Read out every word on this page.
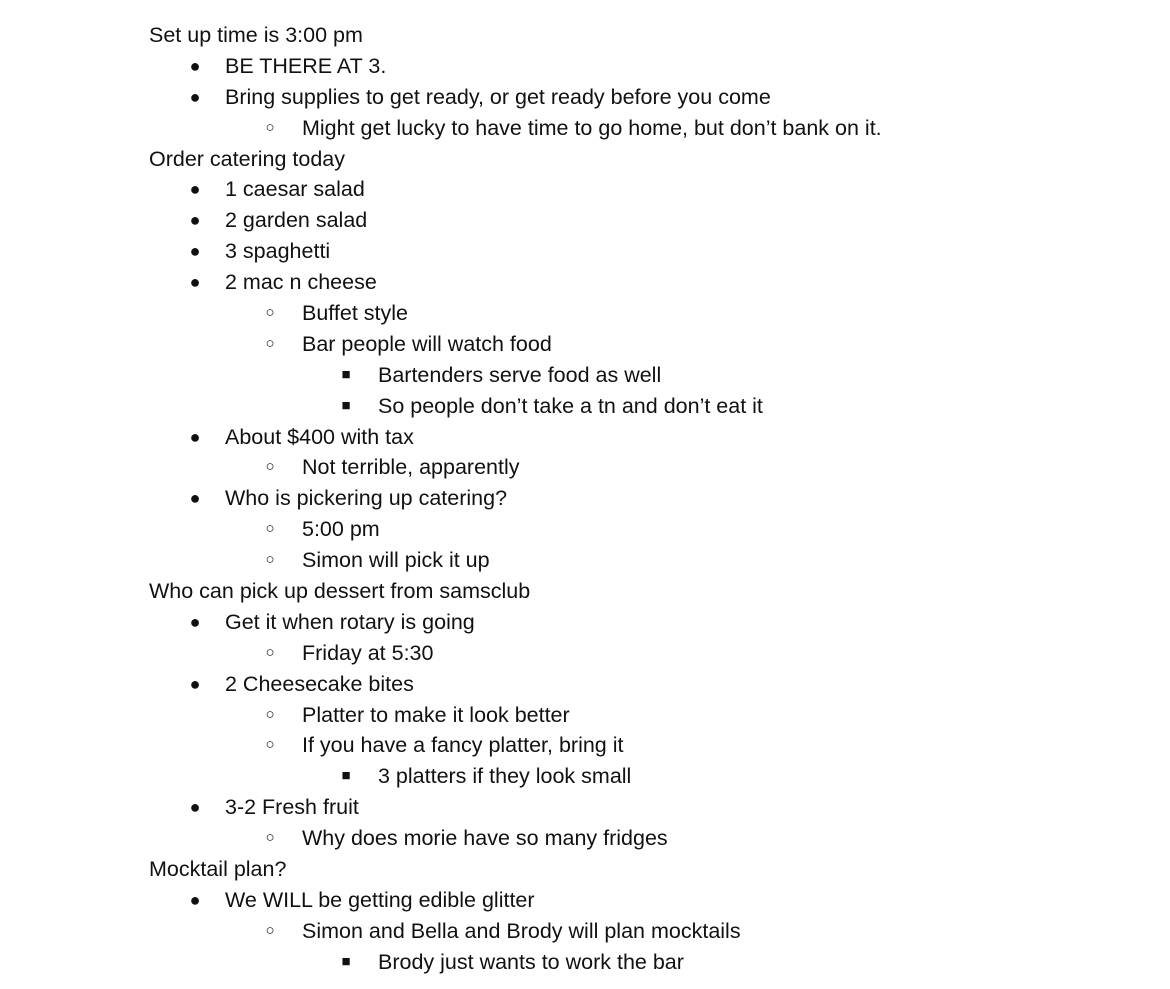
Set up time is 3:00 pm
● BE THERE AT 3.
● Bring supplies to get ready, or get ready before you come
○ Might get lucky to have time to go home, but don’t bank on it.
Order catering today
● 1 caesar salad
● 2 garden salad
● 3 spaghetti
● 2 mac n cheese
○ Buffet style
○ Bar people will watch food
■ Bartenders serve food as well
■ So people don’t take a tn and don’t eat it
● About $400 with tax
○ Not terrible, apparently
● Who is pickering up catering?
○ 5:00 pm
○ Simon will pick it up
Who can pick up dessert from samsclub
● Get it when rotary is going
○ Friday at 5:30
● 2 Cheesecake bites
○ Platter to make it look better
○ If you have a fancy platter, bring it
■ 3 platters if they look small
● 3-2 Fresh fruit
○ Why does morie have so many fridges
Mocktail plan?
● We WILL be getting edible glitter
○ Simon and Bella and Brody will plan mocktails
■ Brody just wants to work the bar
